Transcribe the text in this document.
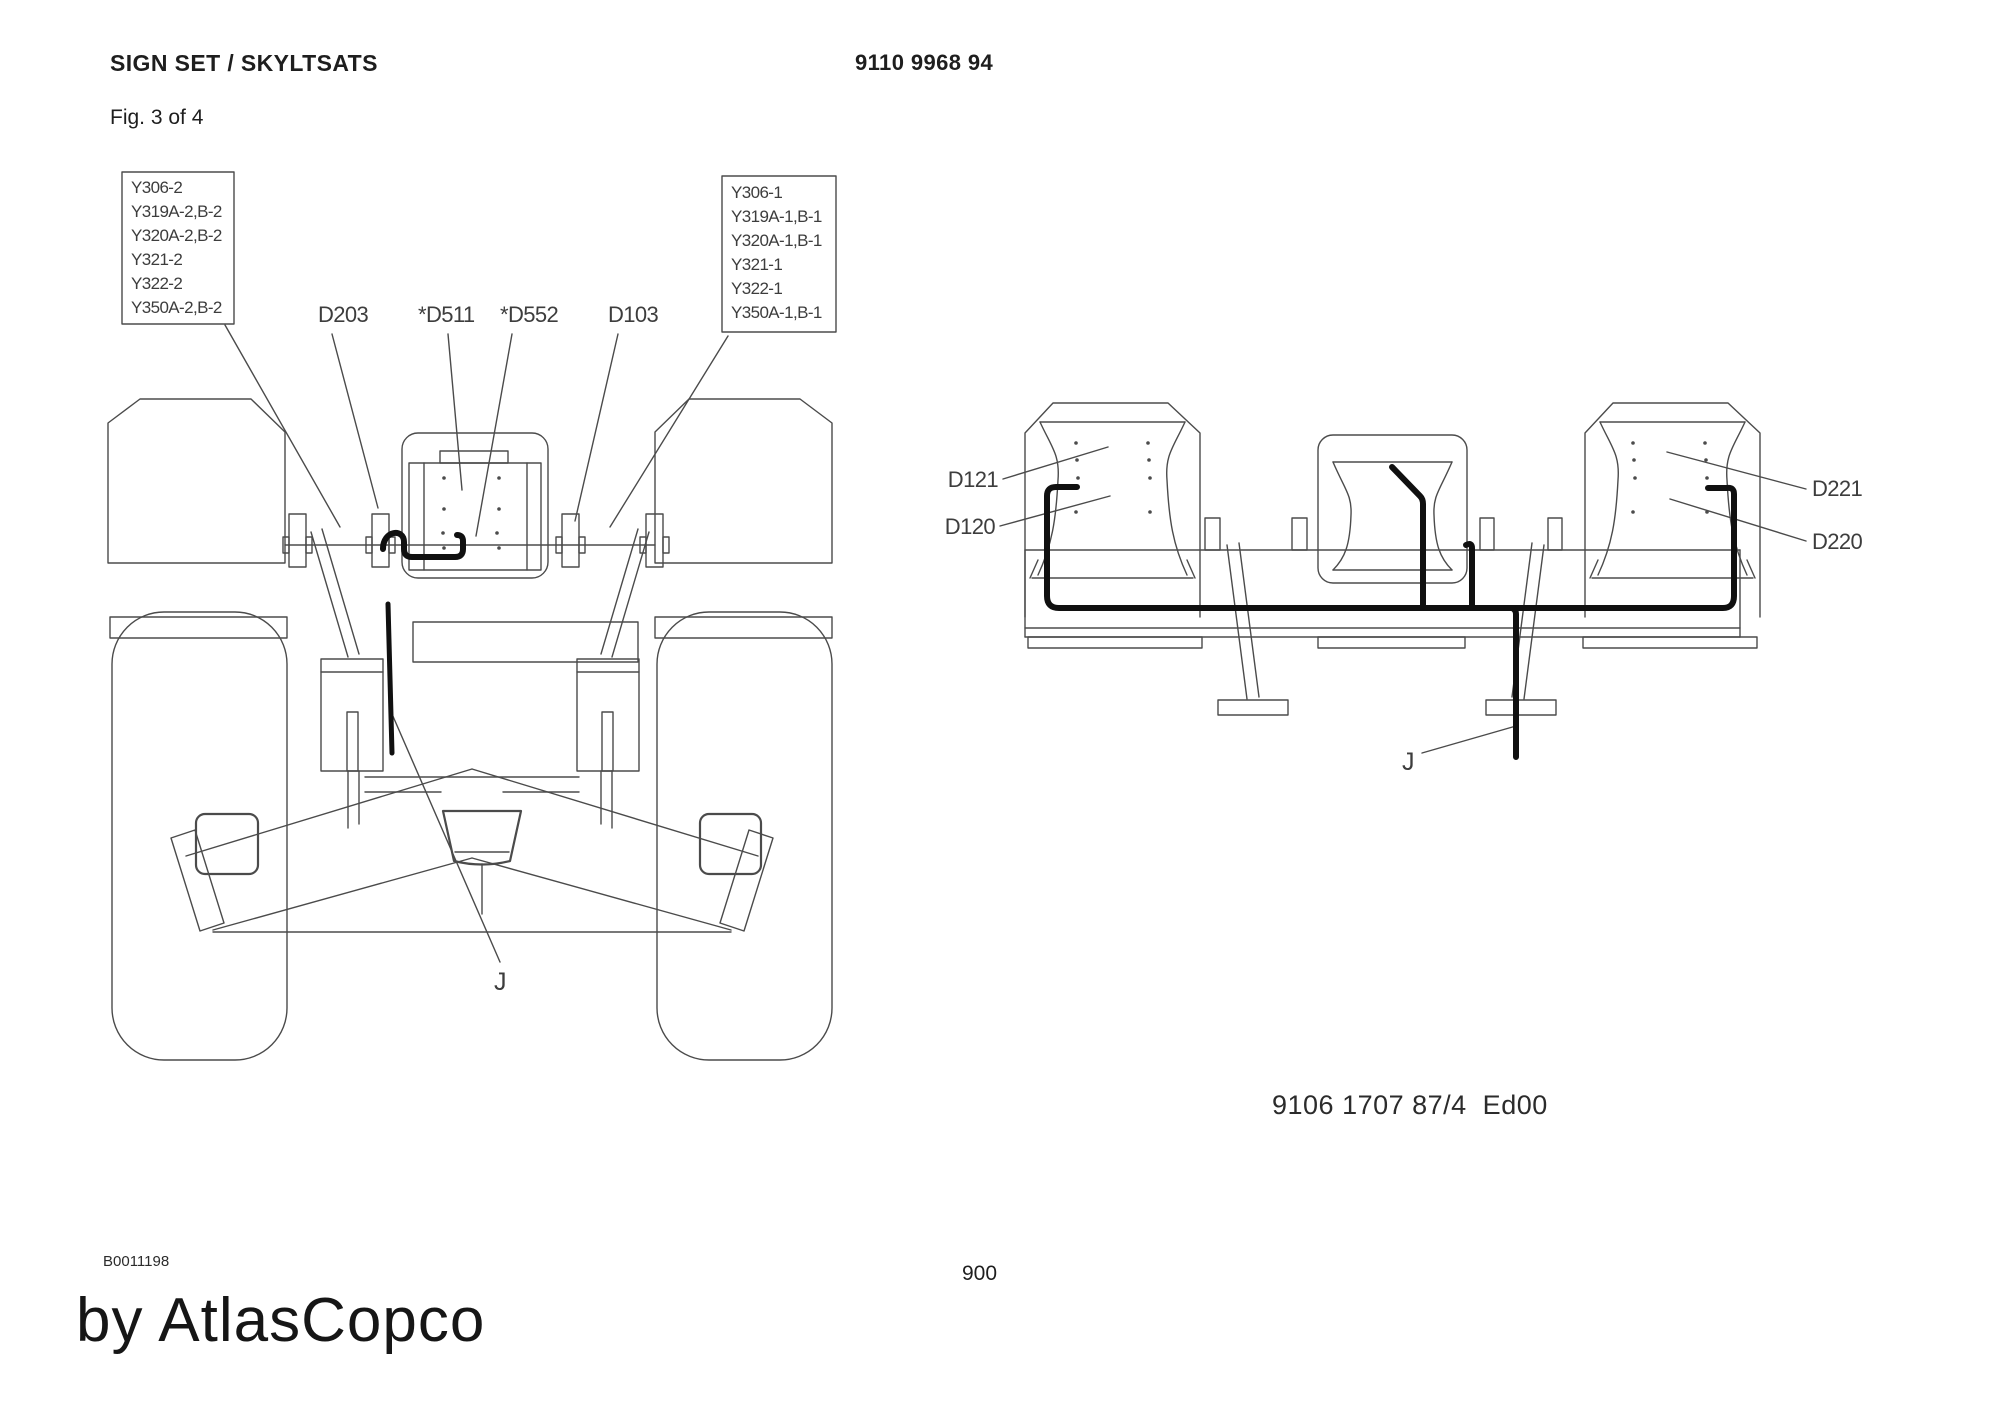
SIGN SET / SKYLTSATS	9110 9968 94
Fig. 3 of 4
9106 1707 87/4  Ed00
B0011198
by AtlasCopco
900
Y306-2
Y319A-2,B-2
Y320A-2,B-2
Y321-2
Y322-2
Y350A-2,B-2
Y306-1
Y319A-1,B-1
Y320A-1,B-1
Y321-1
Y322-1
Y350A-1,B-1
D203 *D511 *D552 D103
J
D121
D120
D221
D220
J
